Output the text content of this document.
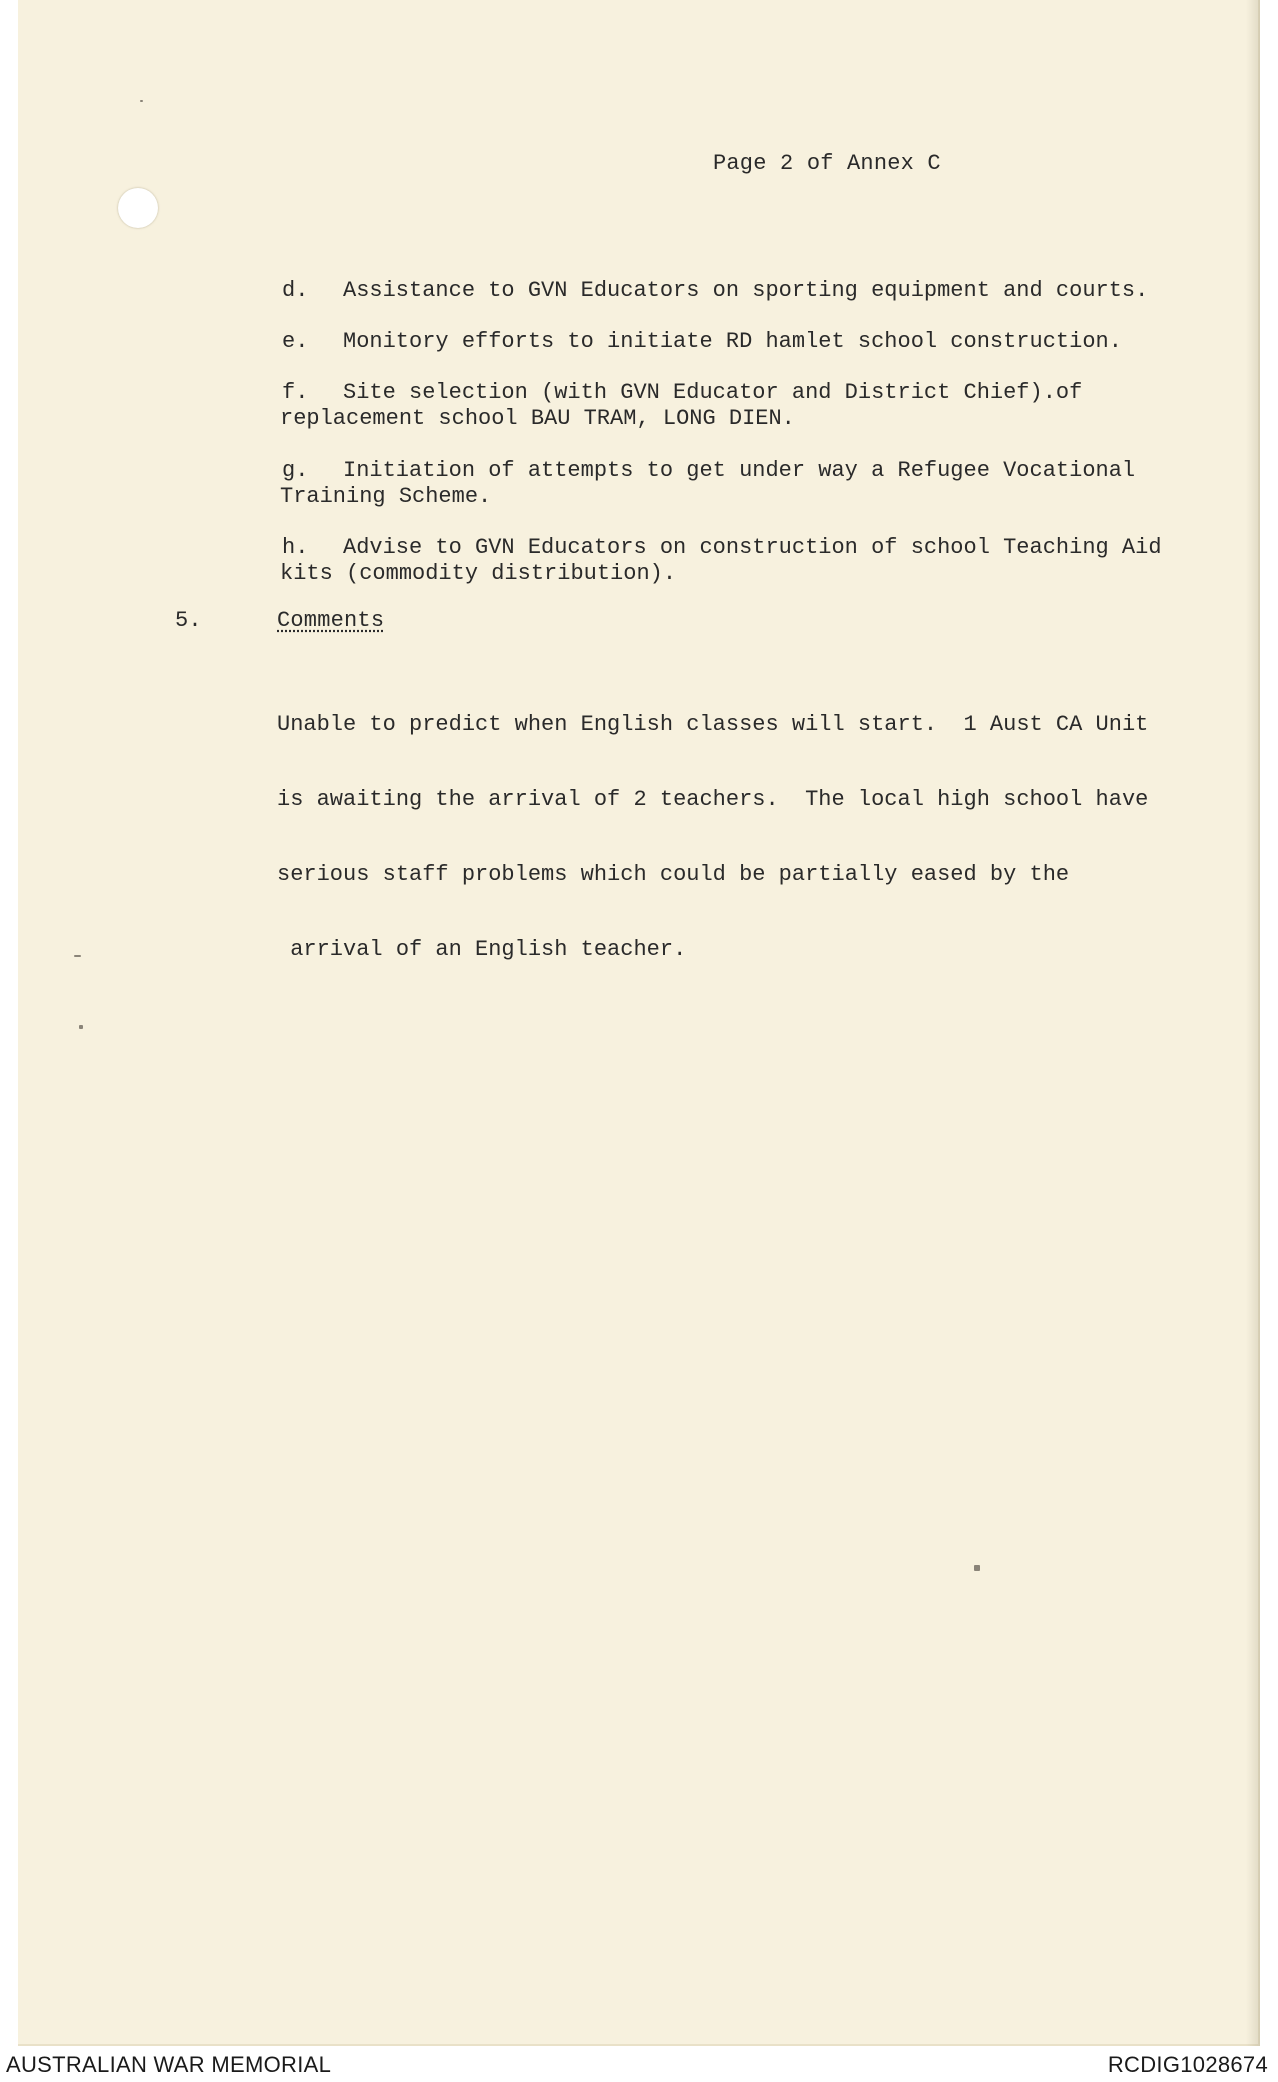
Page 2 of Annex C
d. Assistance to GVN Educators on sporting equipment and courts.
e. Monitory efforts to initiate RD hamlet school construction.
f. Site selection (with GVN Educator and District Chief).of
replacement school BAU TRAM, LONG DIEN.
g. Initiation of attempts to get under way a Refugee Vocational
Training Scheme.
h. Advise to GVN Educators on construction of school Teaching Aid
kits (commodity distribution).
5.	Comments

Unable to predict when English classes will start.  1 Aust CA Unit

is awaiting the arrival of 2 teachers.  The local high school have

serious staff problems which could be partially eased by the

arrival of an English teacher.

AUSTRALIAN WAR MEMORIAL	RCDIG1028674
